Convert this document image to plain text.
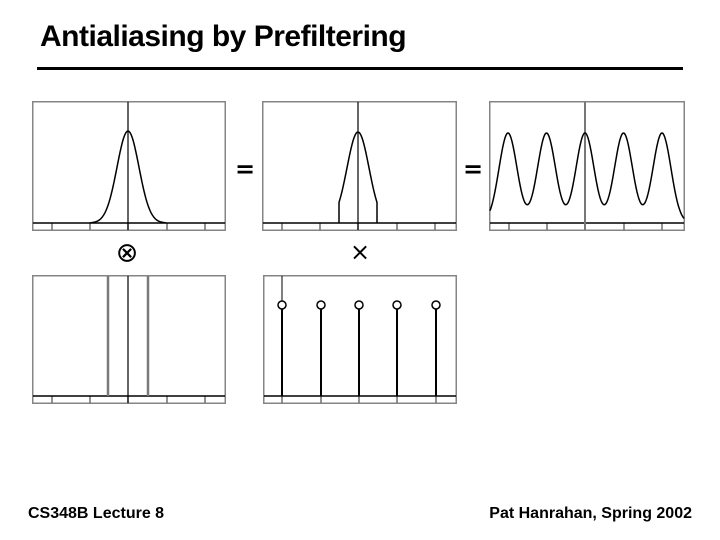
Antialiasing by Prefiltering
=	=
⊗	×
CS348B Lecture 8	Pat Hanrahan, Spring 2002
